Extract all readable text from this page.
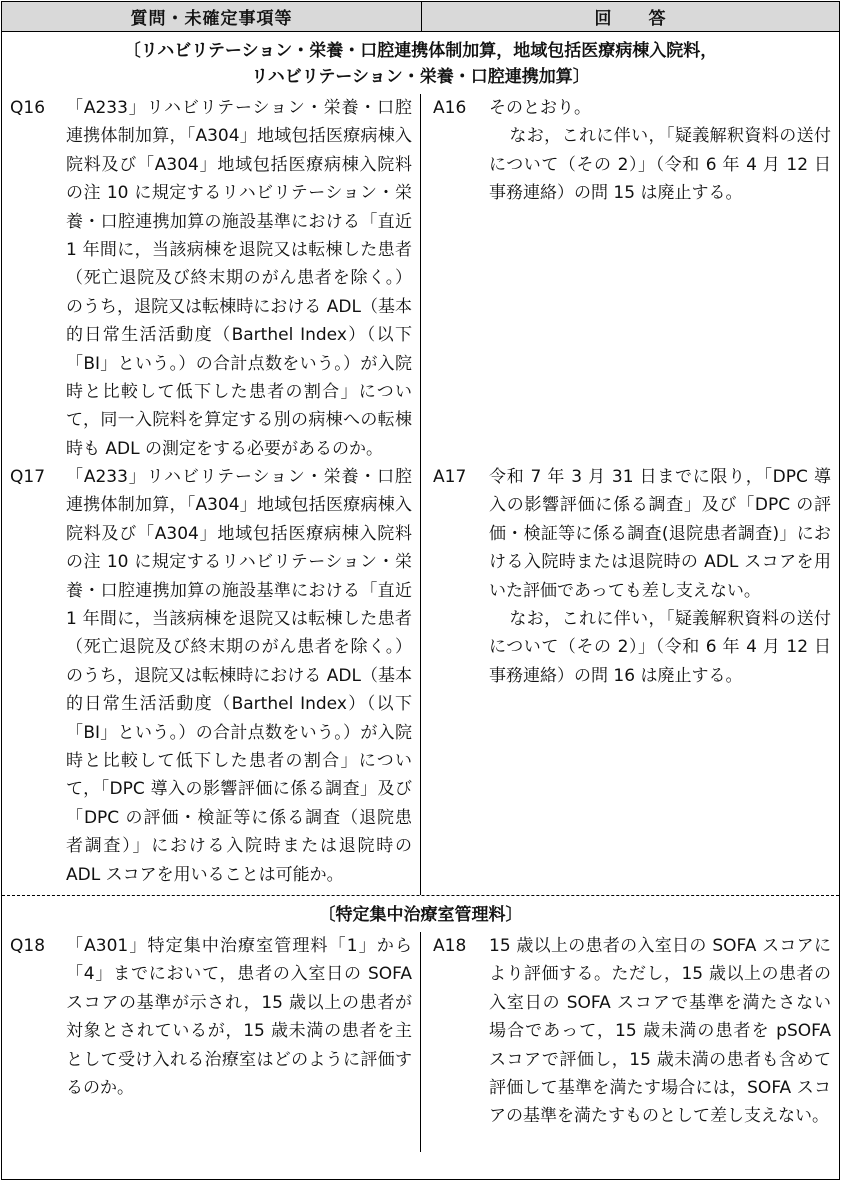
質問・未確定事項等	回　　答
〔リハビリテーション・栄養・口腔連携体制加算，地域包括医療病棟入院料，
リハビリテーション・栄養・口腔連携加算〕
Q16	「A233」リハビリテーション・栄養・口腔連携体制加算，「A304」地域包括医療病棟入院料及び「A304」地域包括医療病棟入院料の注 10 に規定するリハビリテーション・栄養・口腔連携加算の施設基準における「直近 1 年間に，当該病棟を退院又は転棟した患者（死亡退院及び終末期のがん患者を除く。）のうち，退院又は転棟時における ADL（基本的日常生活活動度（Barthel Index）（以下「BI」という。）の合計点数をいう。）が入院時と比較して低下した患者の割合」について，同一入院料を算定する別の病棟への転棟時も ADL の測定をする必要があるのか。

A16	そのとおり。

なお，これに伴い，「疑義解釈資料の送付について（その 2）」（令和 6 年 4 月 12 日事務連絡）の問 15 は廃止する。

Q17	「A233」リハビリテーション・栄養・口腔連携体制加算，「A304」地域包括医療病棟入院料及び「A304」地域包括医療病棟入院料の注 10 に規定するリハビリテーション・栄養・口腔連携加算の施設基準における「直近 1 年間に，当該病棟を退院又は転棟した患者（死亡退院及び終末期のがん患者を除く。）のうち，退院又は転棟時における ADL（基本的日常生活活動度（Barthel Index）（以下「BI」という。）の合計点数をいう。）が入院時と比較して低下した患者の割合」について，「DPC 導入の影響評価に係る調査」及び「DPC の評価・検証等に係る調査（退院患者調査）」における入院時または退院時の ADL スコアを用いることは可能か。

A17	令和 7 年 3 月 31 日までに限り，「DPC 導入の影響評価に係る調査」及び「DPC の評価・検証等に係る調査(退院患者調査)」における入院時または退院時の ADL スコアを用いた評価であっても差し支えない。

なお，これに伴い，「疑義解釈資料の送付について（その 2）」（令和 6 年 4 月 12 日事務連絡）の問 16 は廃止する。

〔特定集中治療室管理料〕
Q18	「A301」特定集中治療室管理料「1」から「4」までにおいて，患者の入室日の SOFA スコアの基準が示され，15 歳以上の患者が対象とされているが，15 歳未満の患者を主として受け入れる治療室はどのように評価するのか。

A18	15 歳以上の患者の入室日の SOFA スコアにより評価する。ただし，15 歳以上の患者の入室日の SOFA スコアで基準を満たさない場合であって，15 歳未満の患者を pSOFA スコアで評価し，15 歳未満の患者も含めて評価して基準を満たす場合には，SOFA スコアの基準を満たすものとして差し支えない。
